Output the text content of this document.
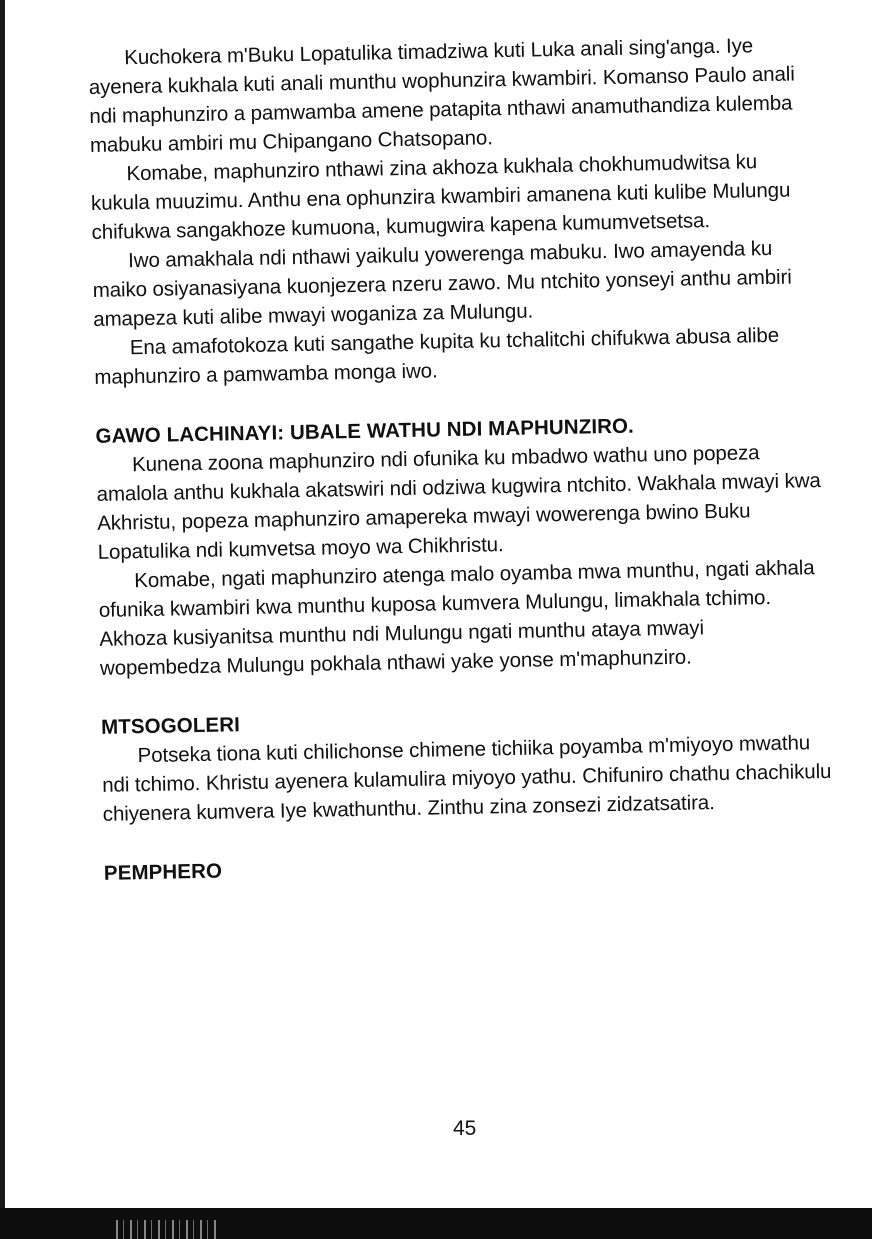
Kuchokera m'Buku Lopatulika timadziwa kuti Luka anali sing'anga. Iye ayenera kukhala kuti anali munthu wophunzira kwambiri. Komanso Paulo anali ndi maphunziro a pamwamba amene patapita nthawi anamuthandiza kulemba mabuku ambiri mu Chipangano Chatsopano.

Komabe, maphunziro nthawi zina akhoza kukhala chokhumudwitsa ku kukula muuzimu. Anthu ena ophunzira kwambiri amanena kuti kulibe Mulungu chifukwa sangakhoze kumuona, kumugwira kapena kumumvetsetsa.

Iwo amakhala ndi nthawi yaikulu yowerenga mabuku. Iwo amayenda ku maiko osiyanasiyana kuonjezera nzeru zawo. Mu ntchito yonseyi anthu ambiri amapeza kuti alibe mwayi woganiza za Mulungu.

Ena amafotokoza kuti sangathe kupita ku tchalitchi chifukwa abusa alibe maphunziro a pamwamba monga iwo.

GAWO LACHINAYI: UBALE WATHU NDI MAPHUNZIRO.

Kunena zoona maphunziro ndi ofunika ku mbadwo wathu uno popeza amalola anthu kukhala akatswiri ndi odziwa kugwira ntchito. Wakhala mwayi kwa Akhristu, popeza maphunziro amapereka mwayi wowerenga bwino Buku Lopatulika ndi kumvetsa moyo wa Chikhristu.

Komabe, ngati maphunziro atenga malo oyamba mwa munthu, ngati akhala ofunika kwambiri kwa munthu kuposa kumvera Mulungu, limakhala tchimo. Akhoza kusiyanitsa munthu ndi Mulungu ngati munthu ataya mwayi wopembedza Mulungu pokhala nthawi yake yonse m'maphunziro.

MTSOGOLERI

Potseka tiona kuti chilichonse chimene tichiika poyamba m'miyoyo mwathu ndi tchimo. Khristu ayenera kulamulira miyoyo yathu. Chifuniro chathu chachikulu chiyenera kumvera Iye kwathunthu. Zinthu zina zonsezi zidzatsatira.

PEMPHERO
45
